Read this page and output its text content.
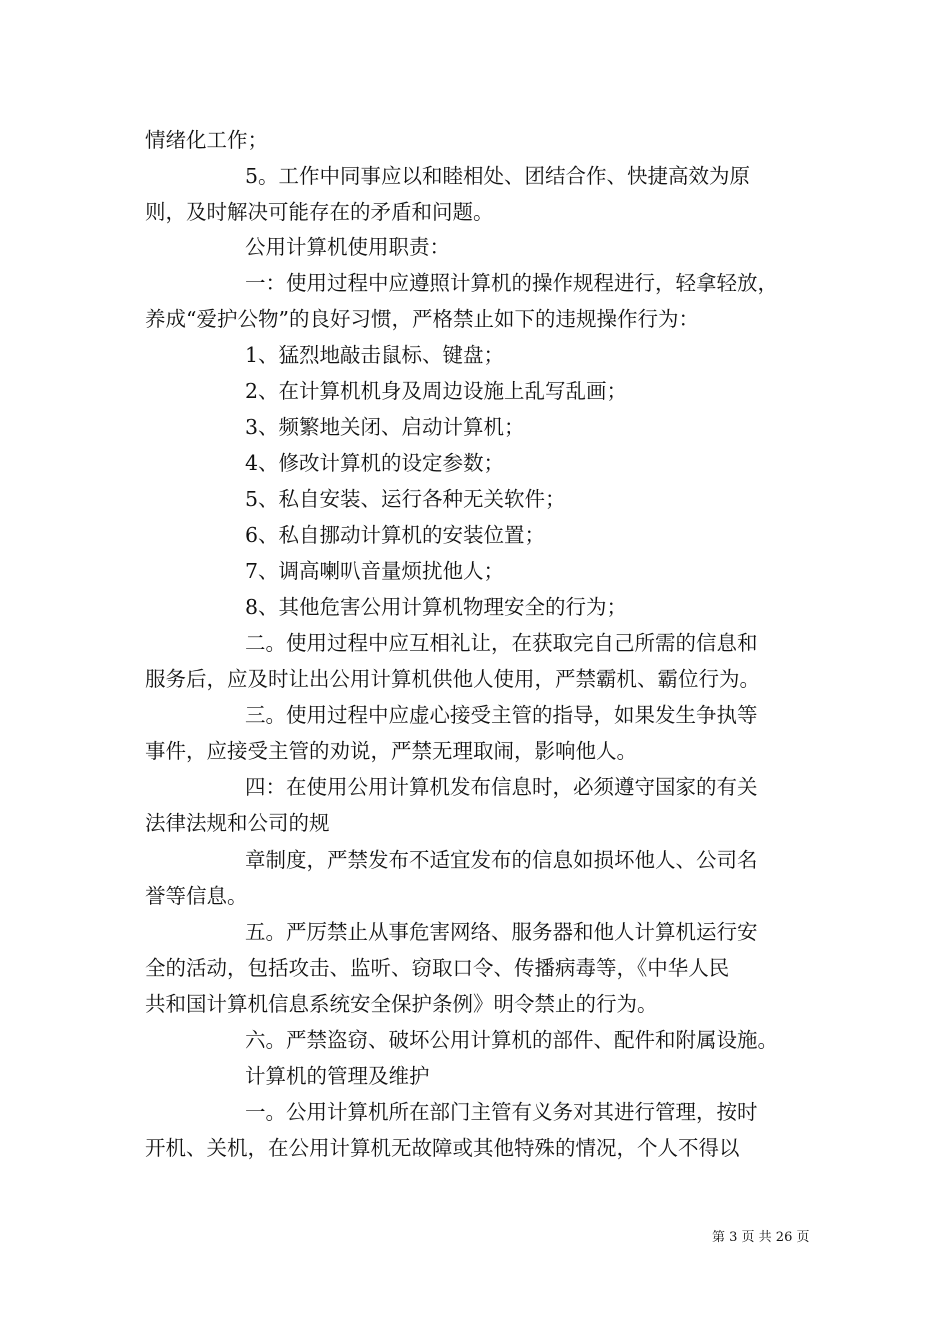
情绪化工作；
5。工作中同事应以和睦相处、团结合作、快捷高效为原
则，及时解决可能存在的矛盾和问题。
公用计算机使用职责：
一：使用过程中应遵照计算机的操作规程进行，轻拿轻放，
养成“爱护公物”的良好习惯，严格禁止如下的违规操作行为：
1、猛烈地敲击鼠标、键盘；
2、在计算机机身及周边设施上乱写乱画；
3、频繁地关闭、启动计算机；
4、修改计算机的设定参数；
5、私自安装、运行各种无关软件；
6、私自挪动计算机的安装位置；
7、调高喇叭音量烦扰他人；
8、其他危害公用计算机物理安全的行为；
二。使用过程中应互相礼让，在获取完自己所需的信息和
服务后，应及时让出公用计算机供他人使用，严禁霸机、霸位行为。
三。使用过程中应虚心接受主管的指导，如果发生争执等
事件，应接受主管的劝说，严禁无理取闹，影响他人。
四：在使用公用计算机发布信息时，必须遵守国家的有关
法律法规和公司的规
章制度，严禁发布不适宜发布的信息如损坏他人、公司名
誉等信息。
五。严厉禁止从事危害网络、服务器和他人计算机运行安
全的活动，包括攻击、监听、窃取口令、传播病毒等，《中华人民
共和国计算机信息系统安全保护条例》明令禁止的行为。
六。严禁盗窃、破坏公用计算机的部件、配件和附属设施。
计算机的管理及维护
一。公用计算机所在部门主管有义务对其进行管理，按时
开机、关机，在公用计算机无故障或其他特殊的情况，个人不得以
第 3 页 共 26 页
